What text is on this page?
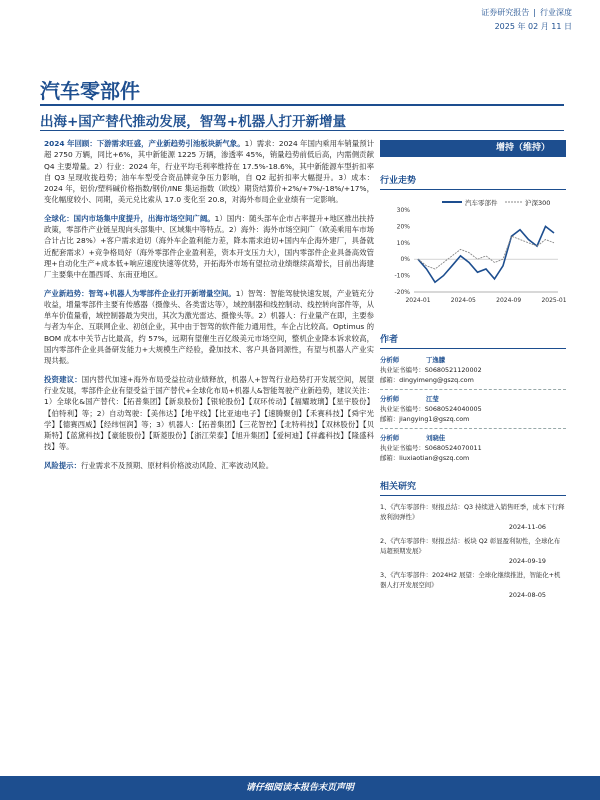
证券研究报告 | 行业深度
2025 年 02 月 11 日
汽车零部件
出海+国产替代推动发展，智驾+机器人打开新增量

2024 年回顾：下游需求旺盛，产业新趋势引池板块新气象。1）需求：2024 年国内乘用车销量预计超 2750 万辆，同比+6%，其中新能源 1225 万辆，渗透率 45%，销量趋势前低后高，内需侧贡献 Q4 主要增量。2）行业：2024 年，行业平均毛利率维持在 17.5%-18.6%，其中新能源车型折扣率自 Q3 呈现收拢趋势；油车车型受合资品牌竞争压力影响，自 Q2 起折扣率大幅提升。3）成本：2024 年，铝价/塑料碱价格指数/钢价/INE 集运指数（欧线）期货结算价+2%/+7%/-18%/+17%，变化幅度较小、同期，美元兑比索从 17.0 变化至 20.8，对海外布局企业业绩有一定影响。

全球化：国内市场集中度提升，出海市场空间广阔。1）国内：随头部车企市占率提升+地区推出扶持政策，零部件产业链呈现向头部集中、区域集中等特点。2）海外：海外市场空间广（欧美乘用车市场合计占比 28%）+客户需求迫切（海外车企盈利能力差，降本需求迫切+国内车企海外建厂，具备就近配套需求）+竞争格局好（海外零部件企业盈利差，资本开支压力大），国内零部件企业具备高效管理+自动化生产+成本低+响应速度快速等优势，开拓海外市场有望拉动业绩继续高增长，目前出海建厂主要集中在墨西哥、东南亚地区。

产业新趋势：智驾+机器人为零部件企业打开新增量空间。1）智驾：智能驾驶快速发展，产业链充分收益，增量零部件主要有传感器（摄像头、各类雷达等），域控制器和线控制动、线控转向部件等，从单车价值量看，域控制器最为突出，其次为激光雷达、摄像头等。2）机器人：行业量产在即，主要参与者为车企、互联网企业、初创企业，其中由于智驾的软件能力通用性，车企占比较高。Optimus 的 BOM 成本中关节占比最高，约 57%，远期有望催生百亿级美元市场空间，整机企业降本诉求较高，国内零部件企业具备研发能力+大规模生产经验，叠加技术、客户具备同源性，有望与机器人产业实现共振。

投资建议：国内替代加速+海外布局受益拉动业绩释放，机器人+智驾行业趋势打开发展空间，展望行业发展，零部件企业有望受益于国产替代+全球化布局+机器人&智能驾驶产业新趋势，建议关注：1）全球化&国产替代：【拓普集团】【新泉股份】【银轮股份】【双环传动】【福耀玻璃】【星宇股份】【伯特利】等；2）自动驾驶：【美伟达】【地平线】【比亚迪电子】【速腾聚创】【禾赛科技】【舜宇光学】【德赛西威】【经纬恒润】等；3）机器人：【拓普集团】【三花智控】【北特科技】【双林股份】【贝斯特】【蓝黛科技】【豪能股份】【斯菱股份】【浙江荣泰】【旭升集团】【爱柯迪】【祥鑫科技】【隆盛科技】等。

风险提示：行业需求不及预期、原材料价格波动风险、汇率波动风险。

增持（维持）
行业走势
30%
20%
10%
0%
-10%
-20%
2024-01	2024-05	2024-09	2025-01
汽车零部件	沪深300
作者
分析师	丁逸朦
执业证书编号：S0680521120002
邮箱：dingyimeng@gszq.com
分析师	江莹
执业证书编号：S0680524040005
邮箱：jiangying1@gszq.com
分析师	刘晓佳
执业证书编号：S0680524070011
邮箱：liuxiaotian@gszq.com
相关研究
1、《汽车零部件：财报总结：Q3 持续进入销售旺季，成本下行释放利润弹性》
2024-11-06
2、《汽车零部件：财报总结：板块 Q2 彰显盈利韧性，全球化布局超预期发展》
2024-09-19
3、《汽车零部件：2024H2 展望：全球化继续推进，智能化+机器人打开发展空间》
2024-08-05
请仔细阅读本报告末页声明
